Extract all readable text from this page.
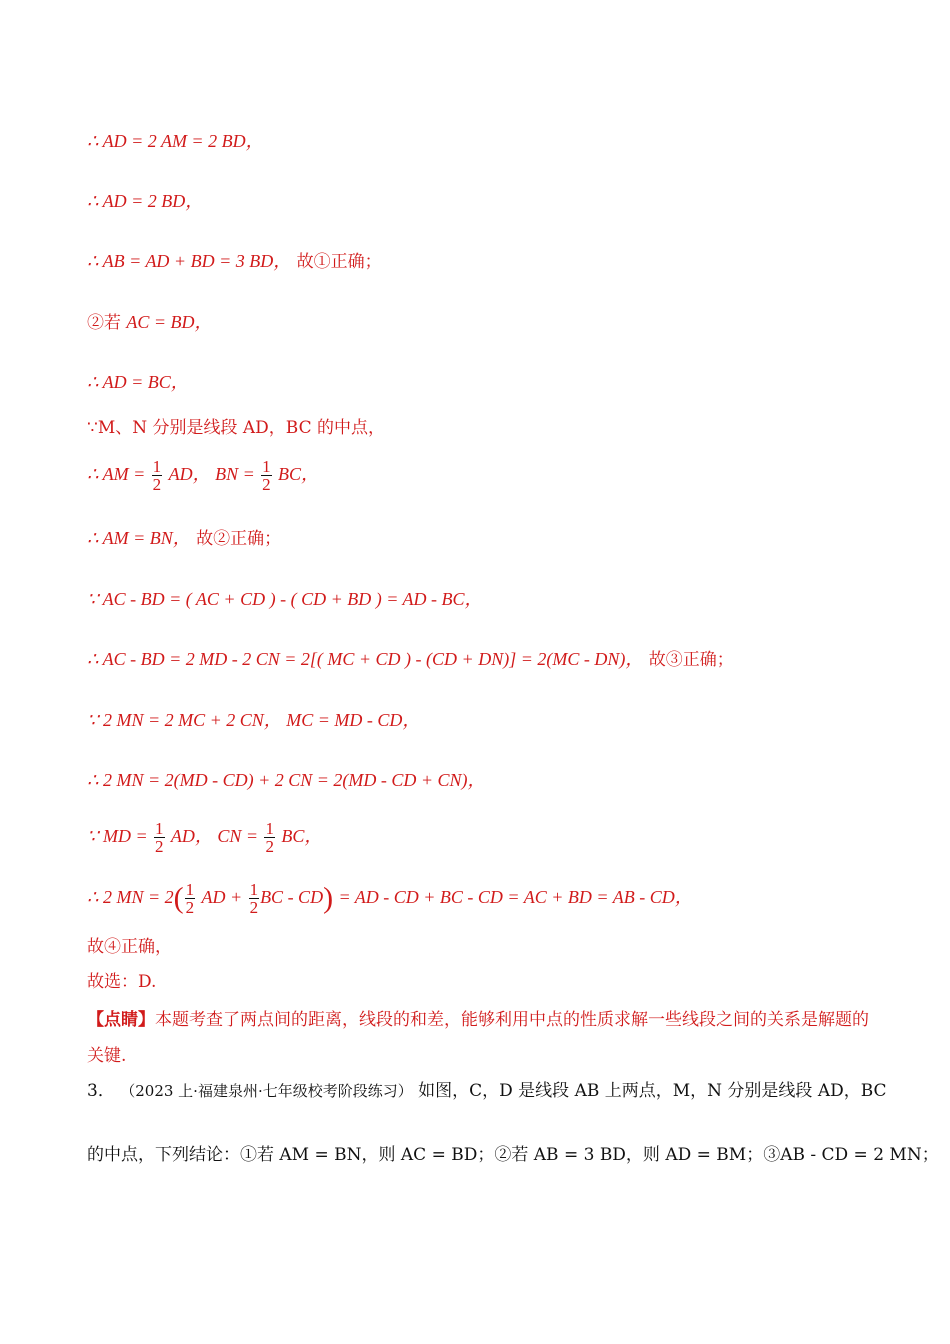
∴ AD = 2 AM = 2 BD，
∴ AD = 2 BD，
∴ AB = AD + BD = 3 BD， 故①正确；
②若 AC = BD，
∴ AD = BC，
∵M、N 分别是线段 AD，BC 的中点，
∴ AM = $\frac{1}{2}$ AD， BN = $\frac{1}{2}$ BC，
∴ AM = BN， 故②正确；
∵ AC - BD = ( AC + CD ) - ( CD + BD ) = AD - BC，
∴ AC - BD = 2 MD - 2 CN = 2[( MC + CD ) - (CD + DN)] = 2(MC - DN)， 故③正确；
∵ 2 MN = 2 MC + 2 CN， MC = MD - CD，
∴ 2 MN = 2(MD - CD) + 2 CN = 2(MD - CD + CN)，
∵ MD = $\frac{1}{2}$ AD， CN = $\frac{1}{2}$ BC，
∴ 2 MN = $2( \frac{1}{2}$ AD + $\frac{1}{2}$ BC - CD) = AD - CD + BC - CD = AC + BD = AB - CD，
故④正确，
故选：D.
【点睛】本题考查了两点间的距离，线段的和差，能够利用中点的性质求解一些线段之间的关系是解题的
关键.
3． （2023 上·福建泉州·七年级校考阶段练习） 如图，C，D 是线段 AB 上两点，M，N 分别是线段 AD，BC
的中点，下列结论：①若 AM = BN，则 AC = BD；②若 AB = 3 BD，则 AD = BM；③AB - CD = 2 MN；
